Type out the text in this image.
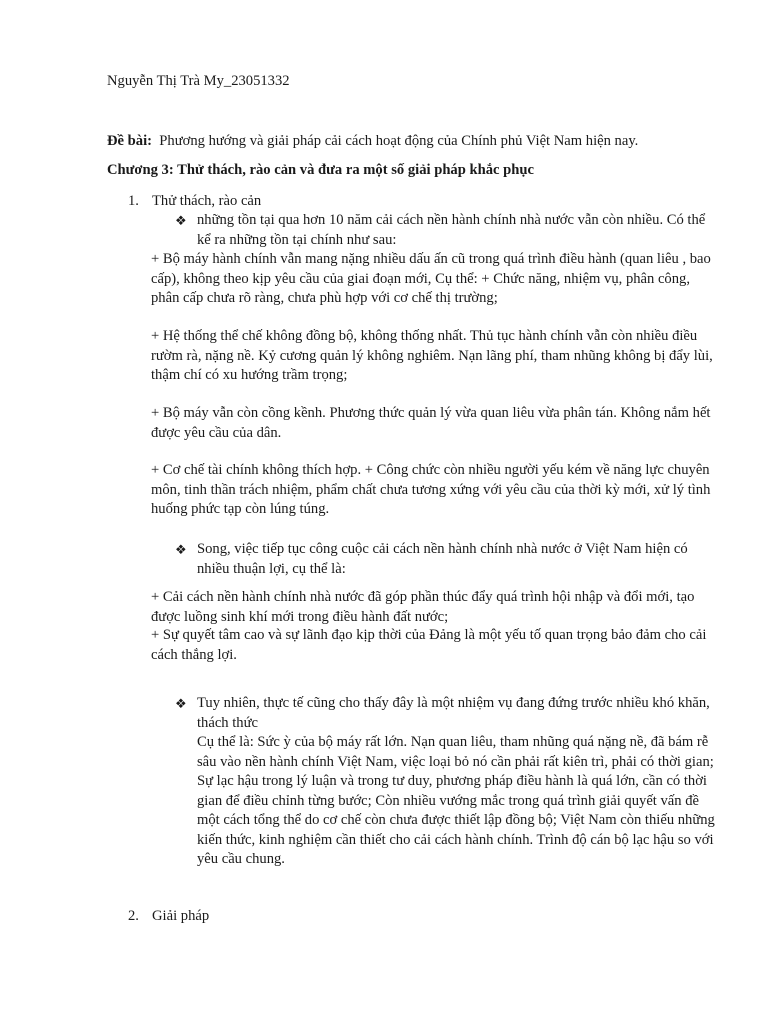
Nguyễn Thị Trà My_23051332
Đề bài: Phương hướng và giải pháp cải cách hoạt động của Chính phủ Việt Nam hiện nay.
Chương 3: Thử thách, rào cản và đưa ra một số giải pháp khắc phục
1. Thử thách, rào cản
❖ những tồn tại qua hơn 10 năm cải cách nền hành chính nhà nước vẫn còn nhiều. Có thể kể ra những tồn tại chính như sau:
+ Bộ máy hành chính vẫn mang nặng nhiều dấu ấn cũ trong quá trình điều hành (quan liêu , bao cấp), không theo kịp yêu cầu của giai đoạn mới, Cụ thể: + Chức năng, nhiệm vụ, phân công, phân cấp chưa rõ ràng, chưa phù hợp với cơ chế thị trường;
+ Hệ thống thể chế không đồng bộ, không thống nhất. Thủ tục hành chính vẫn còn nhiều điều rườm rà, nặng nề. Kỷ cương quản lý không nghiêm. Nạn lãng phí, tham nhũng không bị đẩy lùi, thậm chí có xu hướng trầm trọng;
+ Bộ máy vẫn còn cồng kềnh. Phương thức quản lý vừa quan liêu vừa phân tán. Không nắm hết được yêu cầu của dân.
+ Cơ chế tài chính không thích hợp. + Công chức còn nhiều người yếu kém về năng lực chuyên môn, tinh thần trách nhiệm, phẩm chất chưa tương xứng với yêu cầu của thời kỳ mới, xử lý tình huống phức tạp còn lúng túng.
❖ Song, việc tiếp tục công cuộc cải cách nền hành chính nhà nước ở Việt Nam hiện có nhiều thuận lợi, cụ thể là:
+ Cải cách nền hành chính nhà nước đã góp phần thúc đẩy quá trình hội nhập và đổi mới, tạo được luồng sinh khí mới trong điều hành đất nước;
+ Sự quyết tâm cao và sự lãnh đạo kịp thời của Đảng là một yếu tố quan trọng bảo đảm cho cải cách thắng lợi.
❖ Tuy nhiên, thực tế cũng cho thấy đây là một nhiệm vụ đang đứng trước nhiều khó khăn, thách thức
Cụ thể là: Sức ỳ của bộ máy rất lớn. Nạn quan liêu, tham nhũng quá nặng nề, đã bám rễ sâu vào nền hành chính Việt Nam, việc loại bỏ nó cần phải rất kiên trì, phải có thời gian; Sự lạc hậu trong lý luận và trong tư duy, phương pháp điều hành là quá lớn, cần có thời gian để điều chỉnh từng bước; Còn nhiều vướng mắc trong quá trình giải quyết vấn đề một cách tổng thể do cơ chế còn chưa được thiết lập đồng bộ; Việt Nam còn thiếu những kiến thức, kinh nghiệm cần thiết cho cải cách hành chính. Trình độ cán bộ lạc hậu so với yêu cầu chung.
2. Giải pháp
